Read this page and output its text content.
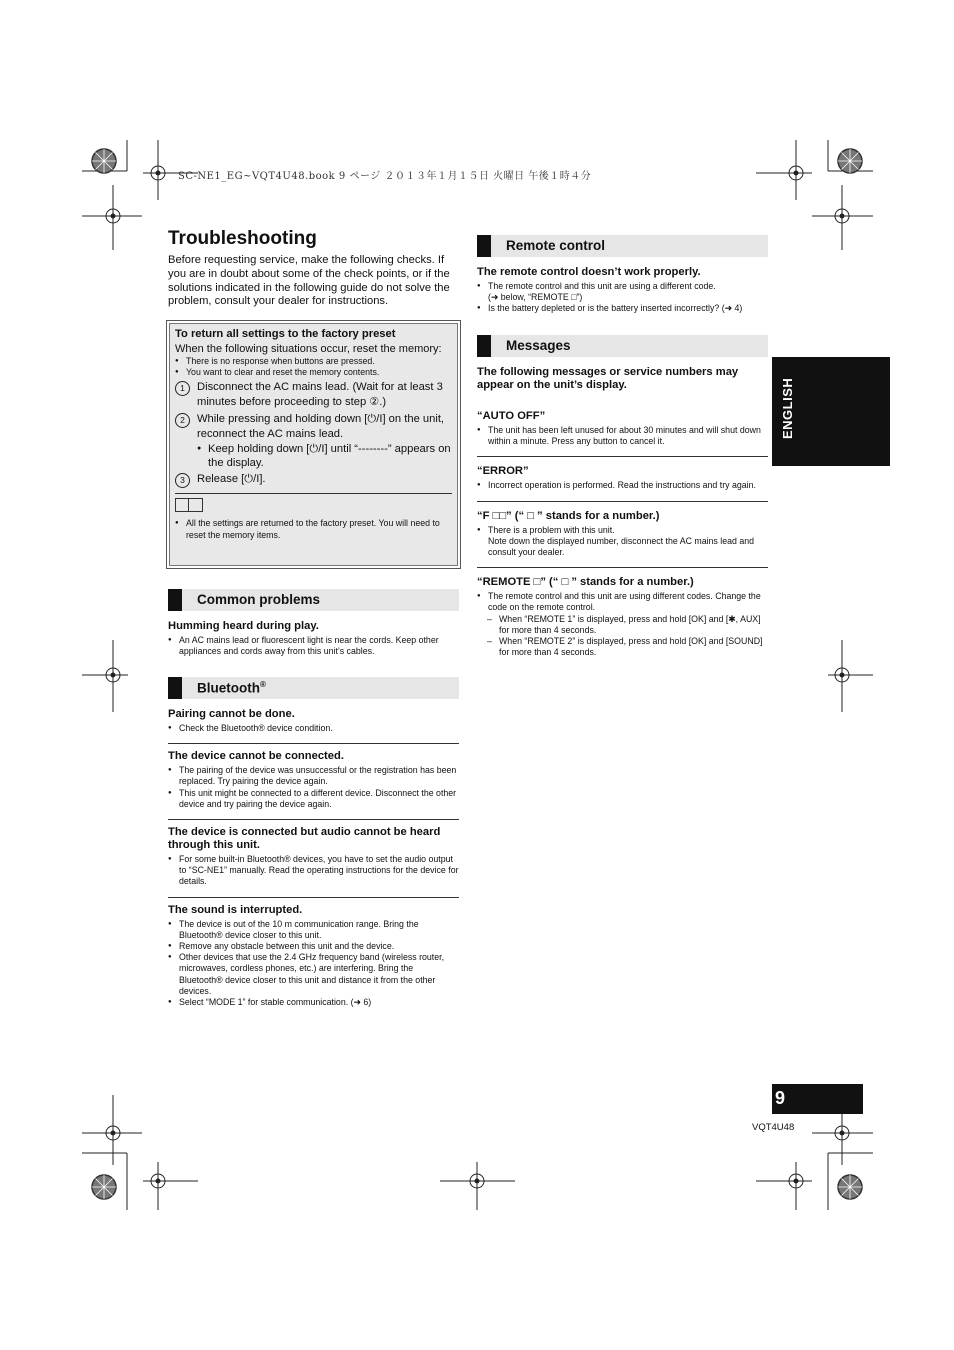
SC-NE1_EG~VQT4U48.book 9 ページ ２０１３年１月１５日 火曜日 午後１時４分
Troubleshooting
Before requesting service, make the following checks. If you are in doubt about some of the check points, or if the solutions indicated in the following guide do not solve the problem, consult your dealer for instructions.
To return all settings to the factory preset
When the following situations occur, reset the memory:
● There is no response when buttons are pressed.
● You want to clear and reset the memory contents.
1	Disconnect the AC mains lead. (Wait for at least 3 minutes before proceeding to step ②.)
2	While pressing and holding down [⏻/I] on the unit, reconnect the AC mains lead.
● Keep holding down [⏻/I] until “--------” appears on the display.
3	Release [⏻/I].
● All the settings are returned to the factory preset. You will need to reset the memory items.
Common problems
Humming heard during play.
● An AC mains lead or fluorescent light is near the cords. Keep other appliances and cords away from this unit’s cables.
Bluetooth®
Pairing cannot be done.
● Check the Bluetooth® device condition.
The device cannot be connected.
● The pairing of the device was unsuccessful or the registration has been replaced. Try pairing the device again.
● This unit might be connected to a different device. Disconnect the other device and try pairing the device again.
The device is connected but audio cannot be heard through this unit.
● For some built-in Bluetooth® devices, you have to set the audio output to “SC-NE1” manually. Read the operating instructions for the device for details.
The sound is interrupted.
● The device is out of the 10 m communication range. Bring the Bluetooth® device closer to this unit.
● Remove any obstacle between this unit and the device.
● Other devices that use the 2.4 GHz frequency band (wireless router, microwaves, cordless phones, etc.) are interfering. Bring the Bluetooth® device closer to this unit and distance it from the other devices.
● Select “MODE 1” for stable communication. (➜ 6)
Remote control
The remote control doesn’t work properly.
● The remote control and this unit are using a different code.
(➜ below, “REMOTE □”)
● Is the battery depleted or is the battery inserted incorrectly? (➜ 4)
Messages
The following messages or service numbers may appear on the unit’s display.
“AUTO OFF”
● The unit has been left unused for about 30 minutes and will shut down within a minute. Press any button to cancel it.
“ERROR”
● Incorrect operation is performed. Read the instructions and try again.
“F □□” (“ □ ” stands for a number.)
● There is a problem with this unit.
Note down the displayed number, disconnect the AC mains lead and consult your dealer.
“REMOTE □” (“ □ ” stands for a number.)
● The remote control and this unit are using different codes. Change the code on the remote control.
– When “REMOTE 1” is displayed, press and hold [OK] and [✱, AUX] for more than 4 seconds.
– When “REMOTE 2” is displayed, press and hold [OK] and [SOUND] for more than 4 seconds.
ENGLISH
9
VQT4U48
